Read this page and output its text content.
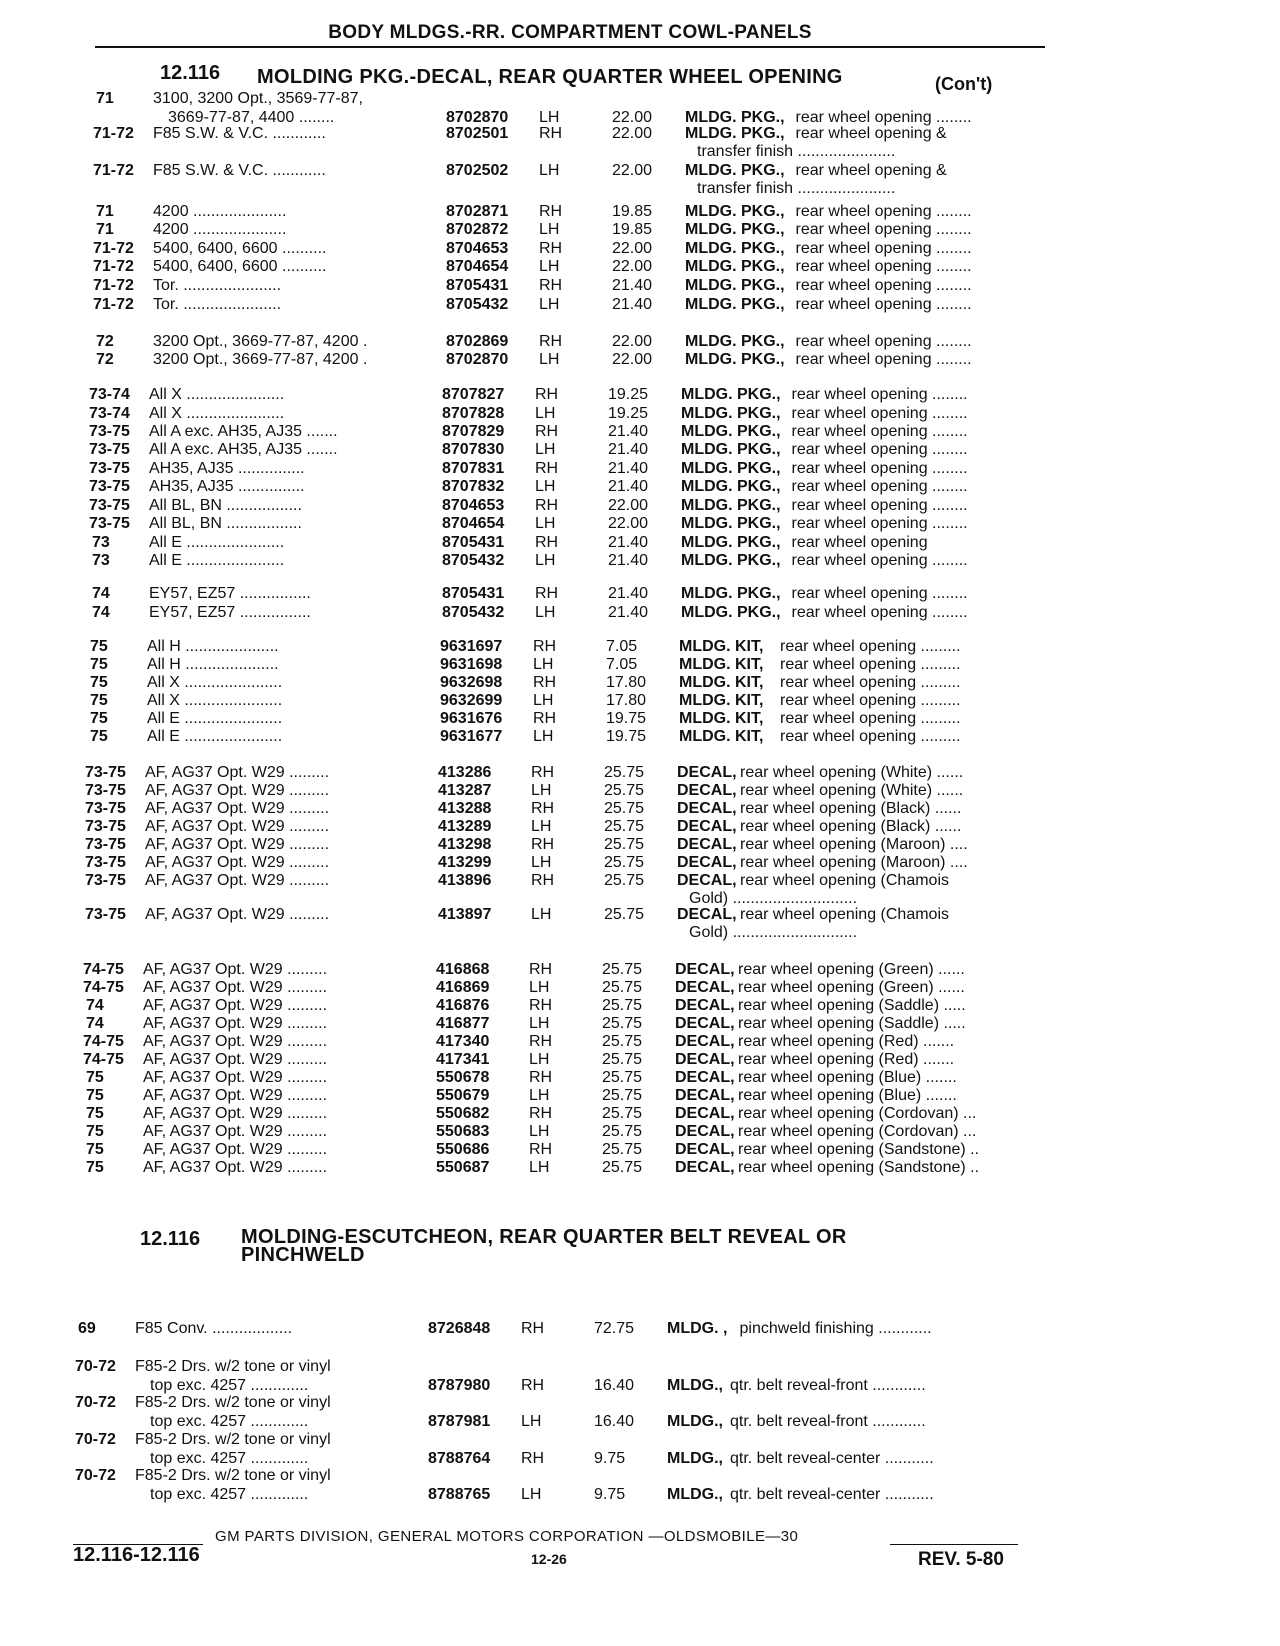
BODY MLDGS.-RR. COMPARTMENT COWL-PANELS
12.116 MOLDING PKG.-DECAL, REAR QUARTER WHEEL OPENING	(Con't)
12.116 MOLDING-ESCUTCHEON, REAR QUARTER BELT REVEAL OR
PINCHWELD
71 3100, 3200 Opt., 3569-77-87,
3669-77-87, 4400 ........	8702870 LH	22.00 MLDG. PKG., rear wheel opening ........
71-72 F85 S.W. & V.C. ............	8702501 RH	22.00 MLDG. PKG., rear wheel opening &
transfer finish ......................
71-72 F85 S.W. & V.C. ............	8702502 LH	22.00 MLDG. PKG., rear wheel opening &
transfer finish ......................
71 4200 .....................	8702871 RH	19.85 MLDG. PKG., rear wheel opening ........
71 4200 .....................	8702872 LH	19.85 MLDG. PKG., rear wheel opening ........
71-72 5400, 6400, 6600 ..........	8704653 RH	22.00 MLDG. PKG., rear wheel opening ........
71-72 5400, 6400, 6600 ..........	8704654 LH	22.00 MLDG. PKG., rear wheel opening ........
71-72 Tor. ......................	8705431 RH	21.40 MLDG. PKG., rear wheel opening ........
71-72 Tor. ......................	8705432 LH	21.40 MLDG. PKG., rear wheel opening ........
72 3200 Opt., 3669-77-87, 4200 .	8702869 RH	22.00 MLDG. PKG., rear wheel opening ........
72 3200 Opt., 3669-77-87, 4200 .	8702870 LH	22.00 MLDG. PKG., rear wheel opening ........
73-74 All X ......................	8707827 RH	19.25 MLDG. PKG., rear wheel opening ........
73-74 All X ......................	8707828 LH	19.25 MLDG. PKG., rear wheel opening ........
73-75 All A exc. AH35, AJ35 .......	8707829 RH	21.40 MLDG. PKG., rear wheel opening ........
73-75 All A exc. AH35, AJ35 .......	8707830 LH	21.40 MLDG. PKG., rear wheel opening ........
73-75 AH35, AJ35 ...............	8707831 RH	21.40 MLDG. PKG., rear wheel opening ........
73-75 AH35, AJ35 ...............	8707832 LH	21.40 MLDG. PKG., rear wheel opening ........
73-75 All BL, BN .................	8704653 RH	22.00 MLDG. PKG., rear wheel opening ........
73-75 All BL, BN .................	8704654 LH	22.00 MLDG. PKG., rear wheel opening ........
73 All E ......................	8705431 RH	21.40 MLDG. PKG., rear wheel opening
73 All E ......................	8705432 LH	21.40 MLDG. PKG., rear wheel opening ........
74 EY57, EZ57 ................	8705431 RH	21.40 MLDG. PKG., rear wheel opening ........
74 EY57, EZ57 ................	8705432 LH	21.40 MLDG. PKG., rear wheel opening ........
75 All H .....................	9631697 RH	7.05	MLDG. KIT, rear wheel opening .........
75 All H .....................	9631698 LH	7.05	MLDG. KIT, rear wheel opening .........
75 All X ......................	9632698 RH	17.80 MLDG. KIT, rear wheel opening .........
75 All X ......................	9632699 LH	17.80 MLDG. KIT, rear wheel opening .........
75 All E ......................	9631676 RH	19.75 MLDG. KIT, rear wheel opening .........
75 All E ......................	9631677 LH	19.75 MLDG. KIT, rear wheel opening .........
73-75 AF, AG37 Opt. W29 .........	413286 RH	25.75 DECAL, rear wheel opening (White) ......
73-75 AF, AG37 Opt. W29 .........	413287 LH	25.75 DECAL, rear wheel opening (White) ......
73-75 AF, AG37 Opt. W29 .........	413288 RH	25.75 DECAL, rear wheel opening (Black) ......
73-75 AF, AG37 Opt. W29 .........	413289 LH	25.75 DECAL, rear wheel opening (Black) ......
73-75 AF, AG37 Opt. W29 .........	413298 RH	25.75 DECAL, rear wheel opening (Maroon) ....
73-75 AF, AG37 Opt. W29 .........	413299 LH	25.75 DECAL, rear wheel opening (Maroon) ....
73-75 AF, AG37 Opt. W29 .........	413896 RH	25.75 DECAL, rear wheel opening (Chamois
Gold) ............................
73-75 AF, AG37 Opt. W29 .........	413897 LH	25.75 DECAL, rear wheel opening (Chamois
Gold) ............................
74-75 AF, AG37 Opt. W29 .........	416868 RH	25.75 DECAL, rear wheel opening (Green) ......
74-75 AF, AG37 Opt. W29 .........	416869 LH	25.75 DECAL, rear wheel opening (Green) ......
74 AF, AG37 Opt. W29 .........	416876 RH	25.75 DECAL, rear wheel opening (Saddle) .....
74 AF, AG37 Opt. W29 .........	416877 LH	25.75 DECAL, rear wheel opening (Saddle) .....
74-75 AF, AG37 Opt. W29 .........	417340 RH	25.75 DECAL, rear wheel opening (Red) .......
74-75 AF, AG37 Opt. W29 .........	417341 LH	25.75 DECAL, rear wheel opening (Red) .......
75 AF, AG37 Opt. W29 .........	550678 RH	25.75 DECAL, rear wheel opening (Blue) .......
75 AF, AG37 Opt. W29 .........	550679 LH	25.75 DECAL, rear wheel opening (Blue) .......
75 AF, AG37 Opt. W29 .........	550682 RH	25.75 DECAL, rear wheel opening (Cordovan) ...
75 AF, AG37 Opt. W29 .........	550683 LH	25.75 DECAL, rear wheel opening (Cordovan) ...
75 AF, AG37 Opt. W29 .........	550686 RH	25.75 DECAL, rear wheel opening (Sandstone) ..
75 AF, AG37 Opt. W29 .........	550687 LH	25.75 DECAL, rear wheel opening (Sandstone) ..
69 F85 Conv. ..................	8726848 RH	72.75 MLDG. , pinchweld finishing ............
70-72 F85-2 Drs. w/2 tone or vinyl
top exc. 4257 .............	8787980 RH	16.40 MLDG., qtr. belt reveal-front ............
70-72 F85-2 Drs. w/2 tone or vinyl
top exc. 4257 .............	8787981 LH	16.40 MLDG., qtr. belt reveal-front ............
70-72 F85-2 Drs. w/2 tone or vinyl
top exc. 4257 .............	8788764 RH	9.75	MLDG., qtr. belt reveal-center ...........
70-72 F85-2 Drs. w/2 tone or vinyl
top exc. 4257 .............	8788765 LH	9.75	MLDG., qtr. belt reveal-center ...........
GM PARTS DIVISION, GENERAL MOTORS CORPORATION —OLDSMOBILE—30
12.116-12.116	12-26	REV. 5-80
